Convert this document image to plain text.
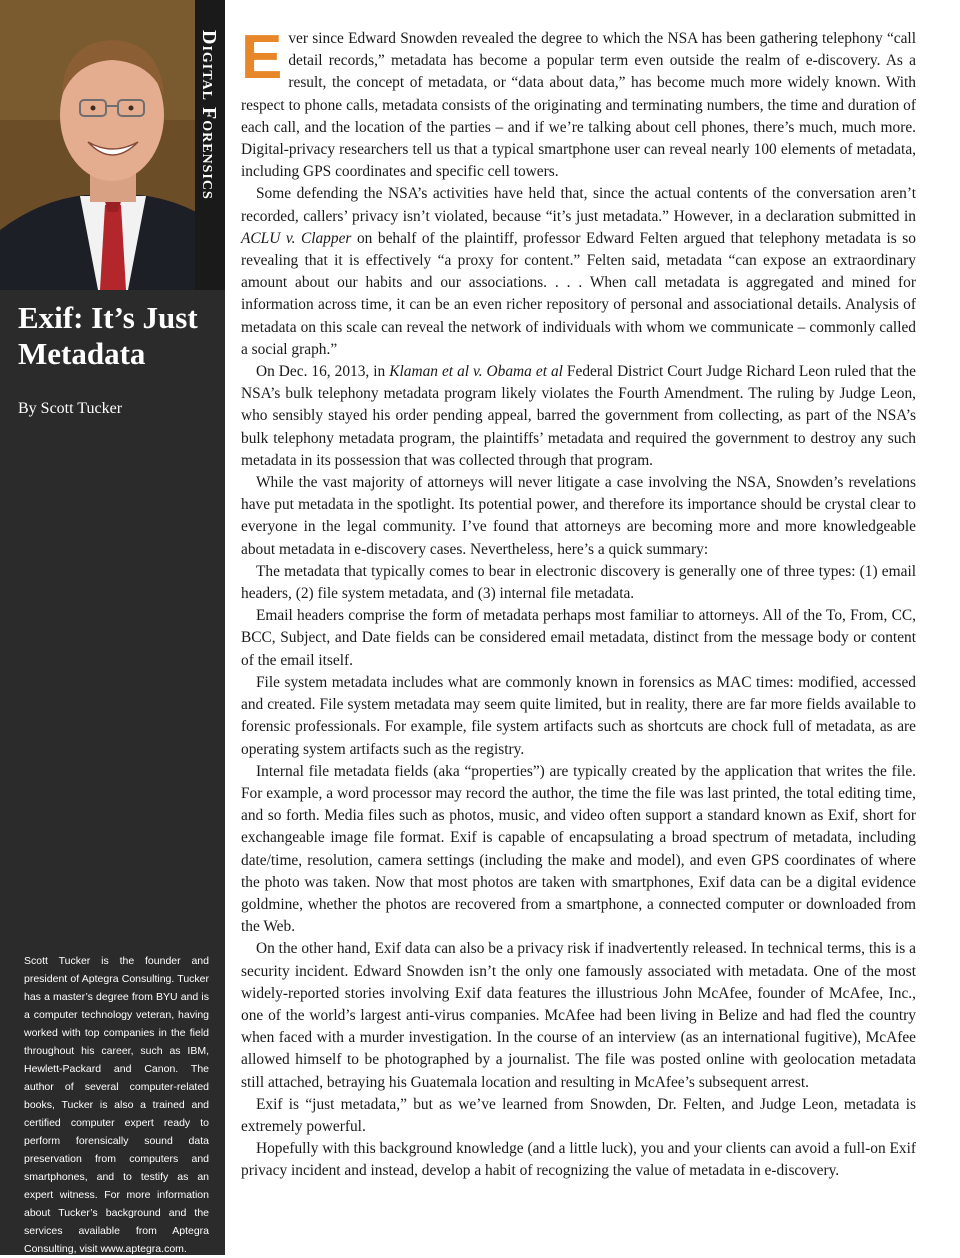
Digital Forensics
Exif: It’s Just Metadata
By Scott Tucker
Scott Tucker is the founder and president of Aptegra Consulting. Tucker has a master’s degree from BYU and is a computer technology veteran, having worked with top companies in the field throughout his career, such as IBM, Hewlett-Packard and Canon. The author of several computer-related books, Tucker is also a trained and certified computer expert ready to perform forensically sound data preservation from computers and smartphones, and to testify as an expert witness. For more information about Tucker’s background and the services available from Aptegra Consulting, visit www.aptegra.com.

Ever since Edward Snowden revealed the degree to which the NSA has been gathering telephony “call detail records,” metadata has become a popular term even outside the realm of e-discovery. As a result, the concept of metadata, or “data about data,” has become much more widely known. With respect to phone calls, metadata consists of the originating and terminating numbers, the time and duration of each call, and the location of the parties – and if we’re talking about cell phones, there’s much, much more. Digital-privacy researchers tell us that a typical smartphone user can reveal nearly 100 elements of metadata, including GPS coordinates and specific cell towers.

Some defending the NSA’s activities have held that, since the actual contents of the conversation aren’t recorded, callers’ privacy isn’t violated, because “it’s just metadata.” However, in a declaration submitted in ACLU v. Clapper on behalf of the plaintiff, professor Edward Felten argued that telephony metadata is so revealing that it is effectively “a proxy for content.” Felten said, metadata “can expose an extraordinary amount about our habits and our associations. . . . When call metadata is aggregated and mined for information across time, it can be an even richer repository of personal and associational details. Analysis of metadata on this scale can reveal the network of individuals with whom we communicate – commonly called a social graph.”

On Dec. 16, 2013, in Klaman et al v. Obama et al Federal District Court Judge Richard Leon ruled that the NSA’s bulk telephony metadata program likely violates the Fourth Amendment. The ruling by Judge Leon, who sensibly stayed his order pending appeal, barred the government from collecting, as part of the NSA’s bulk telephony metadata program, the plaintiffs’ metadata and required the government to destroy any such metadata in its possession that was collected through that program.

While the vast majority of attorneys will never litigate a case involving the NSA, Snowden’s revelations have put metadata in the spotlight. Its potential power, and therefore its importance should be crystal clear to everyone in the legal community. I’ve found that attorneys are becoming more and more knowledgeable about metadata in e-discovery cases. Nevertheless, here’s a quick summary:

The metadata that typically comes to bear in electronic discovery is generally one of three types: (1) email headers, (2) file system metadata, and (3) internal file metadata.

Email headers comprise the form of metadata perhaps most familiar to attorneys. All of the To, From, CC, BCC, Subject, and Date fields can be considered email metadata, distinct from the message body or content of the email itself.

File system metadata includes what are commonly known in forensics as MAC times: modified, accessed and created. File system metadata may seem quite limited, but in reality, there are far more fields available to forensic professionals. For example, file system artifacts such as shortcuts are chock full of metadata, as are operating system artifacts such as the registry.

Internal file metadata fields (aka “properties”) are typically created by the application that writes the file. For example, a word processor may record the author, the time the file was last printed, the total editing time, and so forth. Media files such as photos, music, and video often support a standard known as Exif, short for exchangeable image file format. Exif is capable of encapsulating a broad spectrum of metadata, including date/time, resolution, camera settings (including the make and model), and even GPS coordinates of where the photo was taken. Now that most photos are taken with smartphones, Exif data can be a digital evidence goldmine, whether the photos are recovered from a smartphone, a connected computer or downloaded from the Web.

On the other hand, Exif data can also be a privacy risk if inadvertently released. In technical terms, this is a security incident. Edward Snowden isn’t the only one famously associated with metadata. One of the most widely-reported stories involving Exif data features the illustrious John McAfee, founder of McAfee, Inc., one of the world’s largest anti-virus companies. McAfee had been living in Belize and had fled the country when faced with a murder investigation. In the course of an interview (as an international fugitive), McAfee allowed himself to be photographed by a journalist. The file was posted online with geolocation metadata still attached, betraying his Guatemala location and resulting in McAfee’s subsequent arrest.

Exif is “just metadata,” but as we’ve learned from Snowden, Dr. Felten, and Judge Leon, metadata is extremely powerful.

Hopefully with this background knowledge (and a little luck), you and your clients can avoid a full-on Exif privacy incident and instead, develop a habit of recognizing the value of metadata in e-discovery.
